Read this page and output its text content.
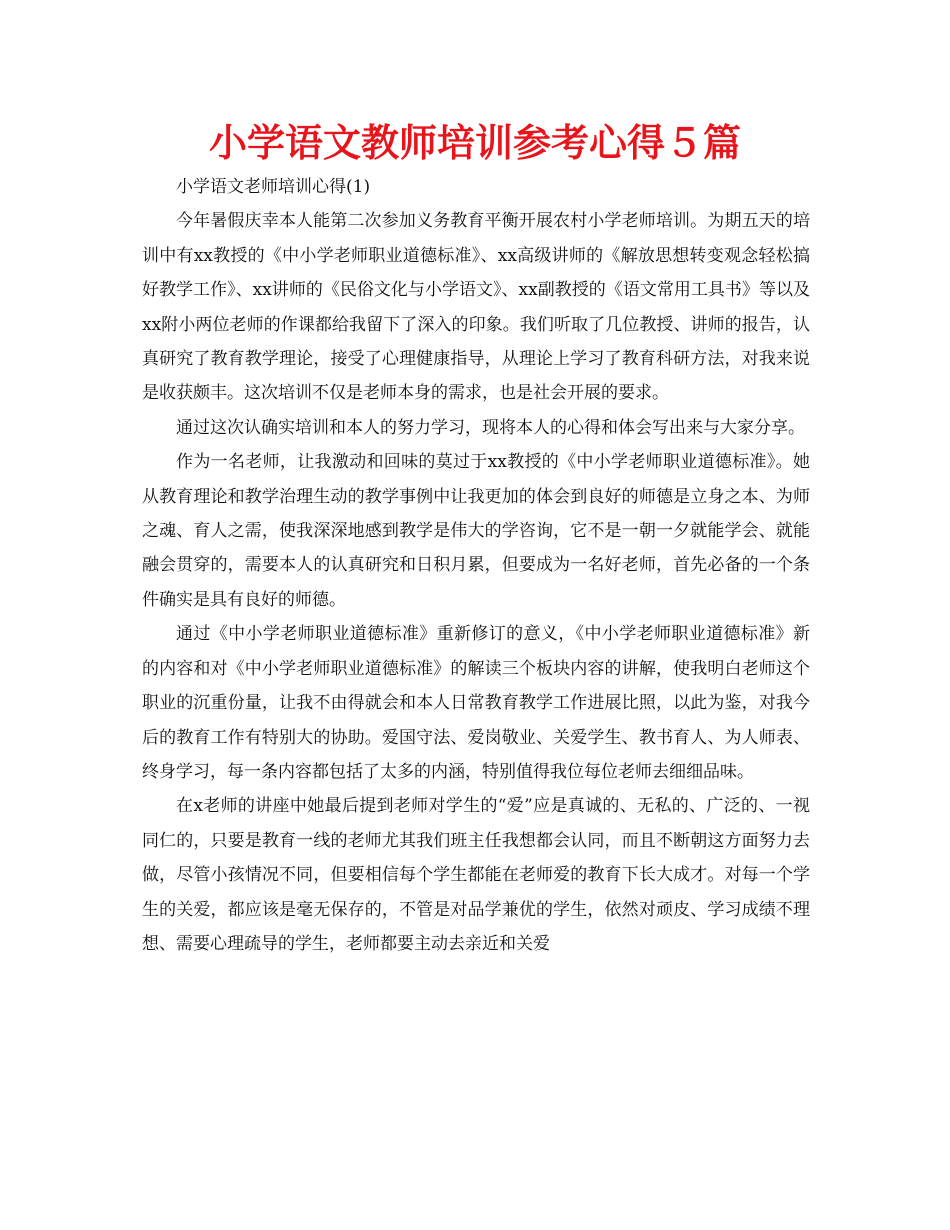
小学语文教师培训参考心得５篇

小学语文老师培训心得(1)

今年暑假庆幸本人能第二次参加义务教育平衡开展农村小学老师培训。为期五天的培训中有xx教授的《中小学老师职业道德标准》、xx高级讲师的《解放思想转变观念轻松搞好教学工作》、xx讲师的《民俗文化与小学语文》、xx副教授的《语文常用工具书》等以及xx附小两位老师的作课都给我留下了深入的印象。我们听取了几位教授、讲师的报告，认真研究了教育教学理论，接受了心理健康指导，从理论上学习了教育科研方法，对我来说是收获颇丰。这次培训不仅是老师本身的需求，也是社会开展的要求。

通过这次认确实培训和本人的努力学习，现将本人的心得和体会写出来与大家分享。

作为一名老师，让我激动和回味的莫过于xx教授的《中小学老师职业道德标准》。她从教育理论和教学治理生动的教学事例中让我更加的体会到良好的师德是立身之本、为师之魂、育人之需，使我深深地感到教学是伟大的学咨询，它不是一朝一夕就能学会、就能融会贯穿的，需要本人的认真研究和日积月累，但要成为一名好老师，首先必备的一个条件确实是具有良好的师德。

通过《中小学老师职业道德标准》重新修订的意义，《中小学老师职业道德标准》新的内容和对《中小学老师职业道德标准》的解读三个板块内容的讲解，使我明白老师这个职业的沉重份量，让我不由得就会和本人日常教育教学工作进展比照，以此为鉴，对我今后的教育工作有特别大的协助。爱国守法、爱岗敬业、关爱学生、教书育人、为人师表、终身学习，每一条内容都包括了太多的内涵，特别值得我位每位老师去细细品味。

在x老师的讲座中她最后提到老师对学生的“爱”应是真诚的、无私的、广泛的、一视同仁的，只要是教育一线的老师尤其我们班主任我想都会认同，而且不断朝这方面努力去做，尽管小孩情况不同，但要相信每个学生都能在老师爱的教育下长大成才。对每一个学生的关爱，都应该是毫无保存的，不管是对品学兼优的学生，依然对顽皮、学习成绩不理想、需要心理疏导的学生，老师都要主动去亲近和关爱
